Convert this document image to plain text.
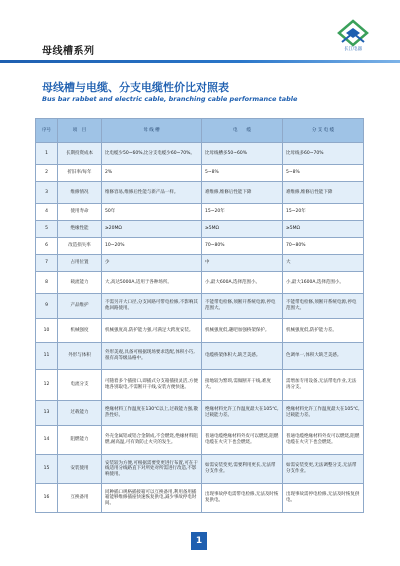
母线槽系列	长江电器
母线槽与电缆、分支电缆性价比对照表
Bus bar rabbet and electric cable, branching cable performance table
序号	项　目	母 线 槽	电　　缆	分 支 电 缆
1	长期投资成本	比电缆少50~60%,比分支电缆少60~70%。	比母线槽多50~60%	比母线多60~70%
2	折旧率/每年	2%	5~8%	5~8%
3	维修情况	维修容易,维修后性能与新产品一样。	难维修,维修后性能下降	难维修,维修后性能下降
4	使用寿命	50年	15~20年	15~20年
5	绝缘性能	≥20MΩ	≥5MΩ	≥5MΩ
6	改造损失率	10~20%	70~80%	70~80%
7	占用位置	少	中	大
8	载流能力	大,高达5000A,适用于各种场所。	小,最大600A,选择范围小。	小,最大1600A,选择范围小。
9	产品维护	不需另开大口径,分支回路可带电检修,不影响其他回路使用。	不能带电检修,须断开系统电源,停电范围大。	不能带电检修,须断开系统电源,停电范围大。
10	机械强度	机械强度高,防护能力强,可满足大跨度安装。	机械强度低,趣吧加强桥架保护。	机械强度低,防护能力差。
11	外形与体积	外形美观,具备可根据现场要求选配,体积小巧,很有高等级品格中。	电缆桥架体积大,缺乏美感。	色调单一,体积大缺乏美感。
12	电流分支	可随着多个插接口,即插式分支箱插接灵活,方便地各别取电,不需断开干线,安装方便快速。	接地较为繁琐,需做断开干线,难度大。	需增加专用设备,无法带电作业,无法再分支。
13	过载能力	绝缘材料工作温度在130℃以上,过载能力强,散热性好。	绝缘材料允许工作温度最大在105℃,过载能力差。	绝缘材料允许工作温度最大在105℃,过载能力差。
14	阻燃能力	外壳金属铝或铝合金制成,不会燃烧,绝缘材料阻燃,耐高温,可有效防止火灾的发生。	普通电缆绝缘材料外皮可以燃烧,阻燃电缆在火灾下也会燃烧。	普通电缆绝缘材料外皮可以燃烧,阻燃电缆在火灾下也会燃烧。
15	安装使用	安装较为方便,可根据需要变更进行布置,可在干线适用分线路直下对所处对所需进行改造,不影响使用。	如需安装变更,需要利用更长,无法带分支作业。	如需安装变更,无法调整分支,无法带分支作业。
16	互换备用	同种插口规格插接箱可以互换备用,利用备用插箱能够维修插座快速恢复供电,减少事故停电时间。	出现事故停电需带电检修,无法及时恢复供电。	出现事故需停电检修,无法及时恢复供电。
1
